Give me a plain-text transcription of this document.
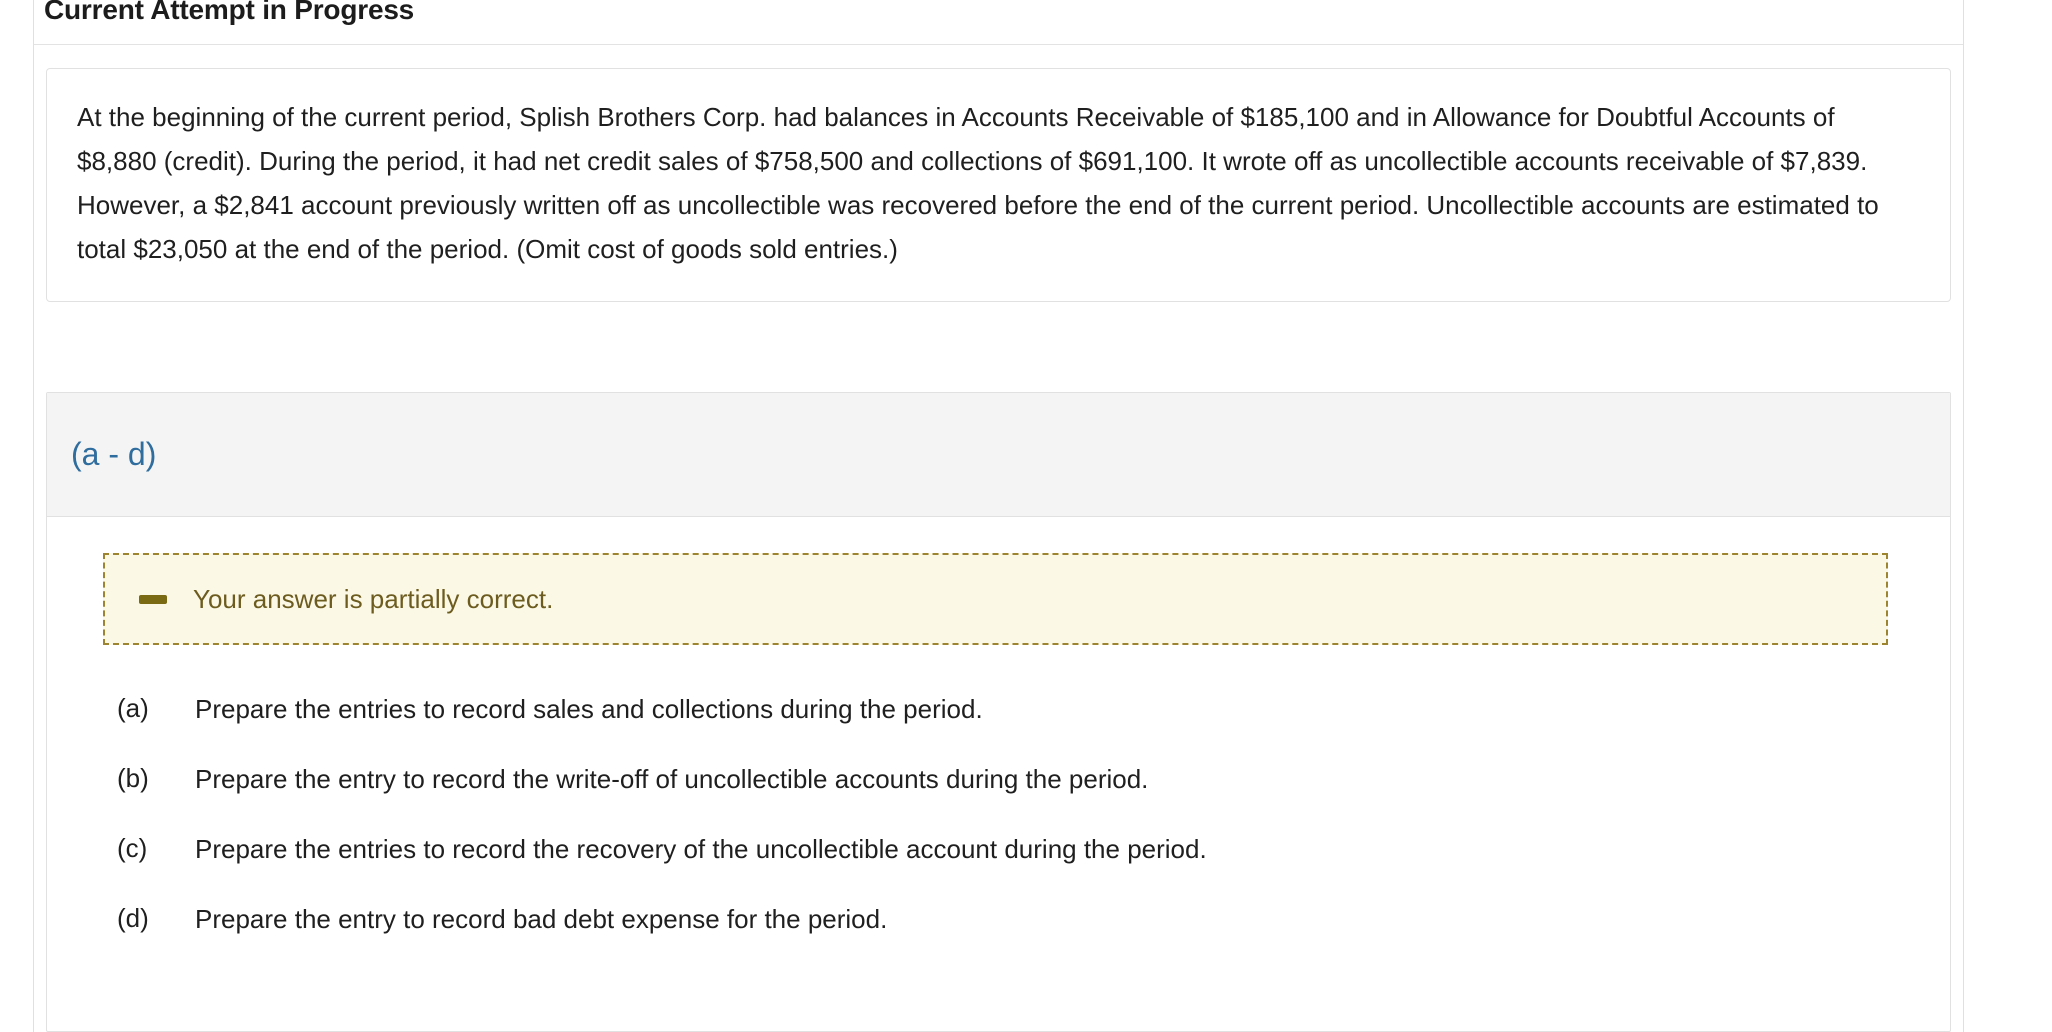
Current Attempt in Progress

At the beginning of the current period, Splish Brothers Corp. had balances in Accounts Receivable of $185,100 and in Allowance for Doubtful Accounts of $8,880 (credit). During the period, it had net credit sales of $758,500 and collections of $691,100. It wrote off as uncollectible accounts receivable of $7,839. However, a $2,841 account previously written off as uncollectible was recovered before the end of the current period. Uncollectible accounts are estimated to total $23,050 at the end of the period. (Omit cost of goods sold entries.)

(a - d)
Your answer is partially correct.
(a)	Prepare the entries to record sales and collections during the period.
(b)	Prepare the entry to record the write-off of uncollectible accounts during the period.
(c)	Prepare the entries to record the recovery of the uncollectible account during the period.
(d)	Prepare the entry to record bad debt expense for the period.
